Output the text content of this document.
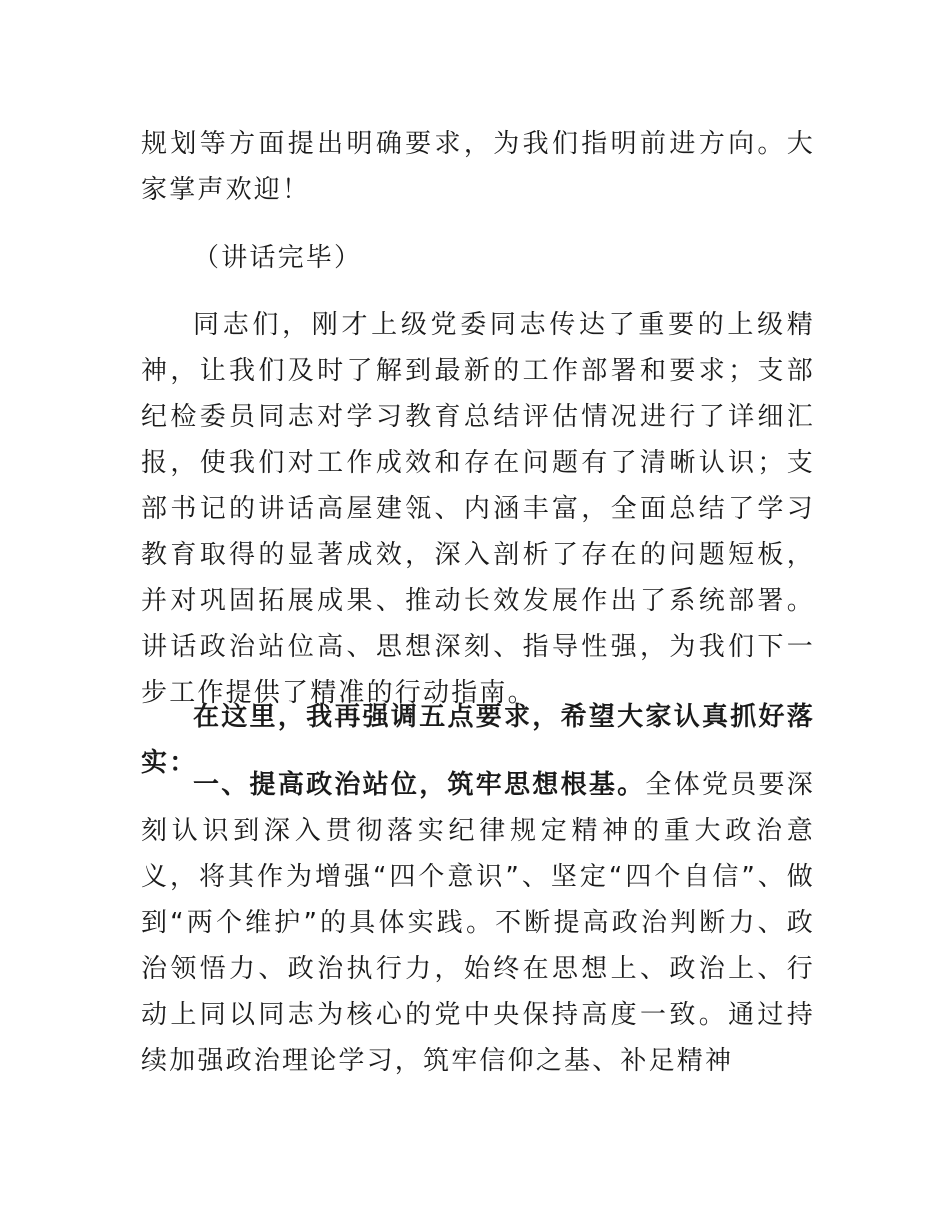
规划等方面提出明确要求，为我们指明前进方向。大家掌声欢迎！

（讲话完毕）

同志们，刚才上级党委同志传达了重要的上级精神，让我们及时了解到最新的工作部署和要求；支部纪检委员同志对学习教育总结评估情况进行了详细汇报，使我们对工作成效和存在问题有了清晰认识；支部书记的讲话高屋建瓴、内涵丰富，全面总结了学习教育取得的显著成效，深入剖析了存在的问题短板，并对巩固拓展成果、推动长效发展作出了系统部署。讲话政治站位高、思想深刻、指导性强，为我们下一步工作提供了精准的行动指南。

在这里，我再强调五点要求，希望大家认真抓好落实：

一、提高政治站位，筑牢思想根基。全体党员要深刻认识到深入贯彻落实纪律规定精神的重大政治意义，将其作为增强“四个意识”、坚定“四个自信”、做到“两个维护”的具体实践。不断提高政治判断力、政治领悟力、政治执行力，始终在思想上、政治上、行动上同以同志为核心的党中央保持高度一致。通过持续加强政治理论学习，筑牢信仰之基、补足精神
